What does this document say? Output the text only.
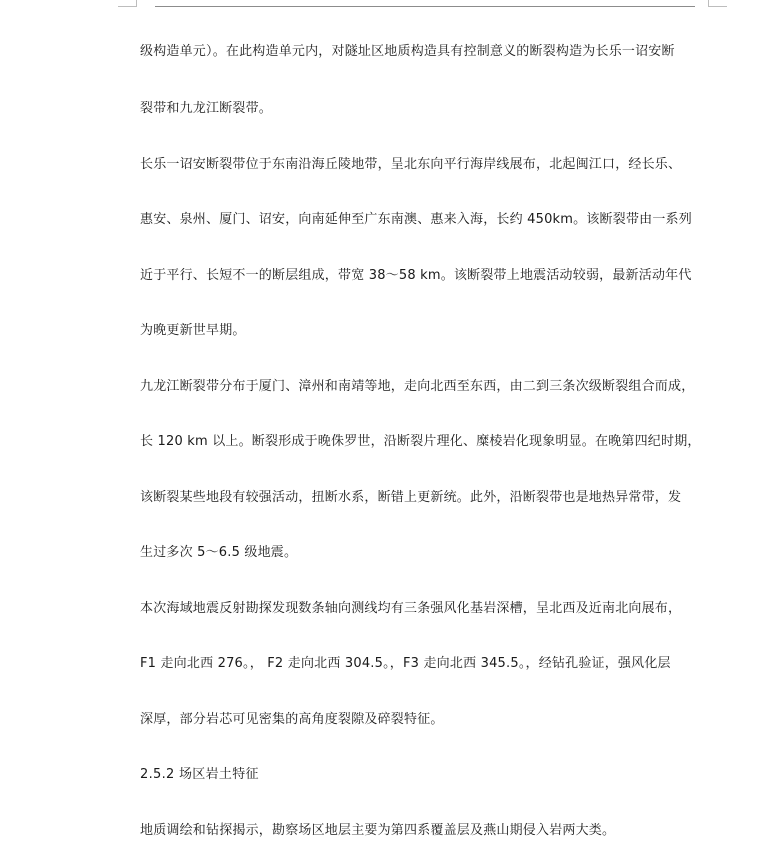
级构造单元）。在此构造单元内，对隧址区地质构造具有控制意义的断裂构造为长乐一诏安断
裂带和九龙江断裂带。
长乐一诏安断裂带位于东南沿海丘陵地带，呈北东向平行海岸线展布，北起闽江口，经长乐、
惠安、泉州、厦门、诏安，向南延伸至广东南澳、惠来入海，长约 450km。该断裂带由一系列
近于平行、长短不一的断层组成，带宽 38～58 km。该断裂带上地震活动较弱，最新活动年代
为晚更新世早期。
九龙江断裂带分布于厦门、漳州和南靖等地，走向北西至东西，由二到三条次级断裂组合而成，
长 120 km 以上。断裂形成于晚侏罗世，沿断裂片理化、糜棱岩化现象明显。在晚第四纪时期，
该断裂某些地段有较强活动，扭断水系，断错上更新统。此外，沿断裂带也是地热异常带，发
生过多次 5～6.5 级地震。
本次海域地震反射勘探发现数条轴向测线均有三条强风化基岩深槽，呈北西及近南北向展布，
F1 走向北西 276。， F2 走向北西 304.5。，F3 走向北西 345.5。，经钻孔验证，强风化层
深厚，部分岩芯可见密集的高角度裂隙及碎裂特征。
2.5.2 场区岩土特征
地质调绘和钻探揭示，勘察场区地层主要为第四系覆盖层及燕山期侵入岩两大类。
